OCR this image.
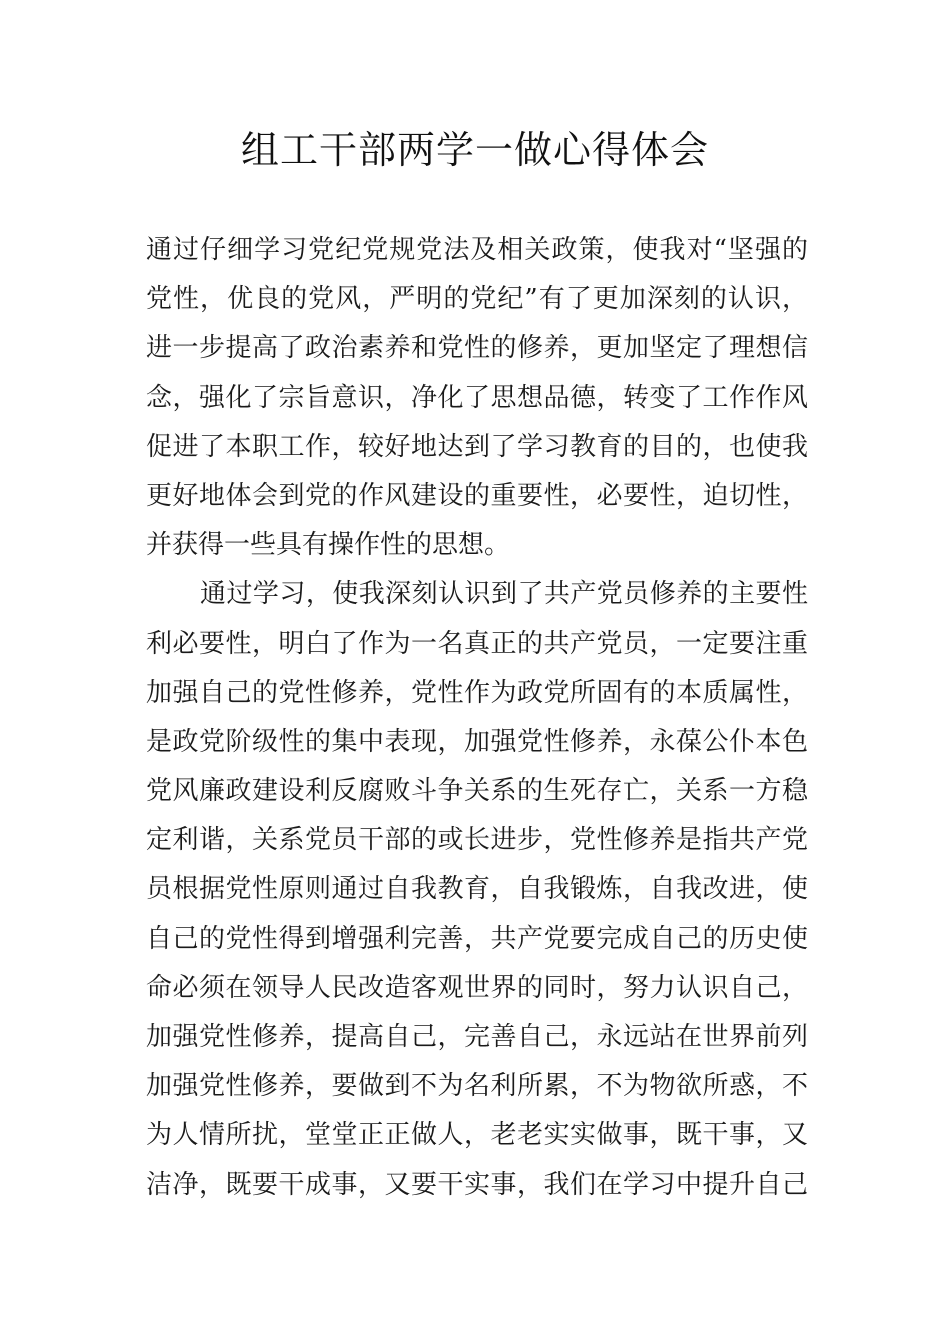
组工干部两学一做心得体会
通过仔细学习党纪党规党法及相关政策，使我对“坚强的
党性，优良的党风，严明的党纪”有了更加深刻的认识，
进一步提高了政治素养和党性的修养，更加坚定了理想信
念，强化了宗旨意识，净化了思想品德，转变了工作作风
促进了本职工作，较好地达到了学习教育的目的，也使我
更好地体会到党的作风建设的重要性，必要性，迫切性，
并获得一些具有操作性的思想。
通过学习，使我深刻认识到了共产党员修养的主要性
利必要性，明白了作为一名真正的共产党员，一定要注重
加强自己的党性修养，党性作为政党所固有的本质属性，
是政党阶级性的集中表现，加强党性修养，永葆公仆本色
党风廉政建设利反腐败斗争关系的生死存亡，关系一方稳
定利谐，关系党员干部的或长进步，党性修养是指共产党
员根据党性原则通过自我教育，自我锻炼，自我改进，使
自己的党性得到增强利完善，共产党要完成自己的历史使
命必须在领导人民改造客观世界的同时，努力认识自己，
加强党性修养，提高自己，完善自己，永远站在世界前列
加强党性修养，要做到不为名利所累，不为物欲所惑，不
为人情所扰，堂堂正正做人，老老实实做事，既干事，又
洁净，既要干成事，又要干实事，我们在学习中提升自己
